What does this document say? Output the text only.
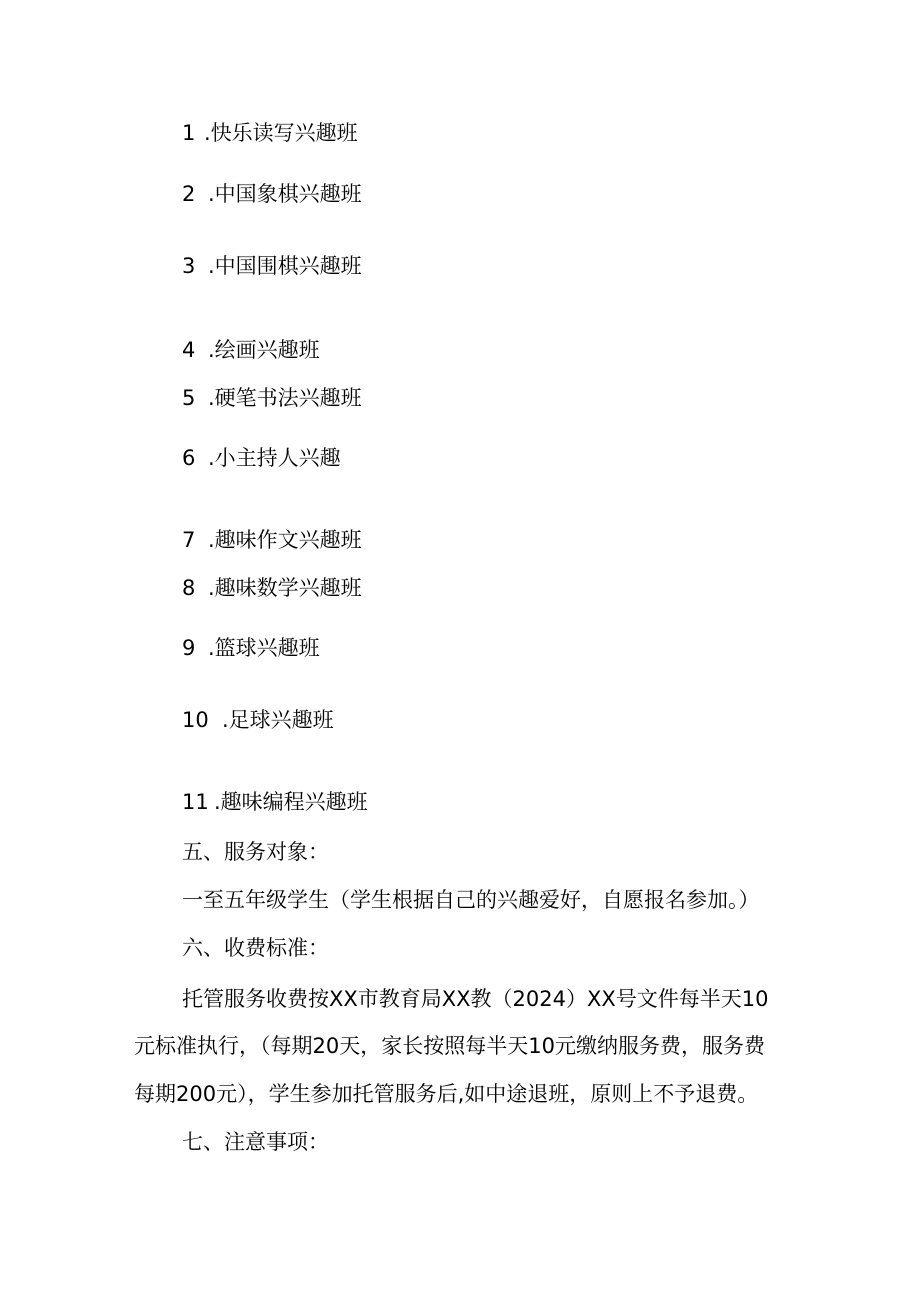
1 .快乐读写兴趣班
2 .中国象棋兴趣班
3 .中国围棋兴趣班
4 .绘画兴趣班
5 .硬笔书法兴趣班
6 .小主持人兴趣
7 .趣味作文兴趣班
8 .趣味数学兴趣班
9 .篮球兴趣班
10 .足球兴趣班
11 .趣味编程兴趣班
五、服务对象：
一至五年级学生（学生根据自己的兴趣爱好，自愿报名参加。）
六、收费标准：
托管服务收费按XX市教育局XX教（2024）XX号文件每半天10
元标准执行，（每期20天，家长按照每半天10元缴纳服务费，服务费
每期200元），学生参加托管服务后,如中途退班，原则上不予退费。
七、注意事项：
